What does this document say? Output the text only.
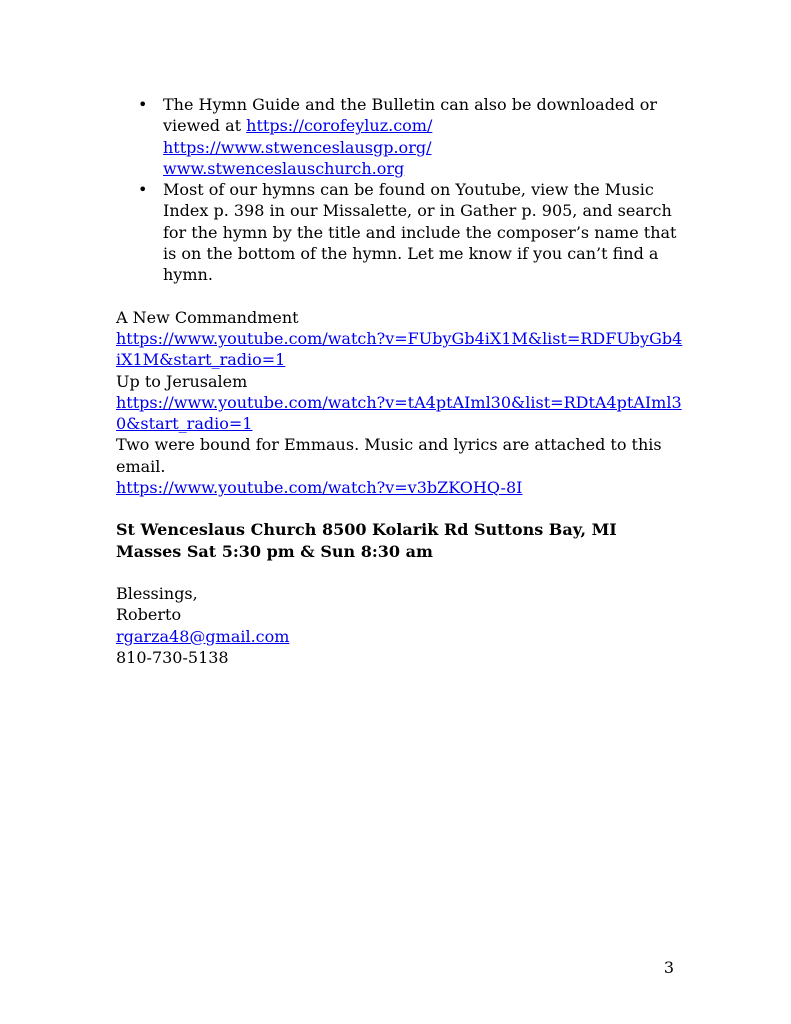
• The Hymn Guide and the Bulletin can also be downloaded or viewed at https://corofeyluz.com/
https://www.stwenceslausgp.org/
www.stwenceslauschurch.org
• Most of our hymns can be found on Youtube, view the Music Index p. 398 in our Missalette, or in Gather p. 905, and search for the hymn by the title and include the composer’s name that is on the bottom of the hymn. Let me know if you can’t find a hymn.
A New Commandment
https://www.youtube.com/watch?v=FUbyGb4iX1M&list=RDFUbyGb4iX1M&start_radio=1
Up to Jerusalem
https://www.youtube.com/watch?v=tA4ptAIml30&list=RDtA4ptAIml30&start_radio=1
Two were bound for Emmaus. Music and lyrics are attached to this email.
https://www.youtube.com/watch?v=v3bZKOHQ-8I
St Wenceslaus Church 8500 Kolarik Rd Suttons Bay, MI
Masses Sat 5:30 pm & Sun 8:30 am
Blessings,
Roberto
rgarza48@gmail.com
810-730-5138
3
